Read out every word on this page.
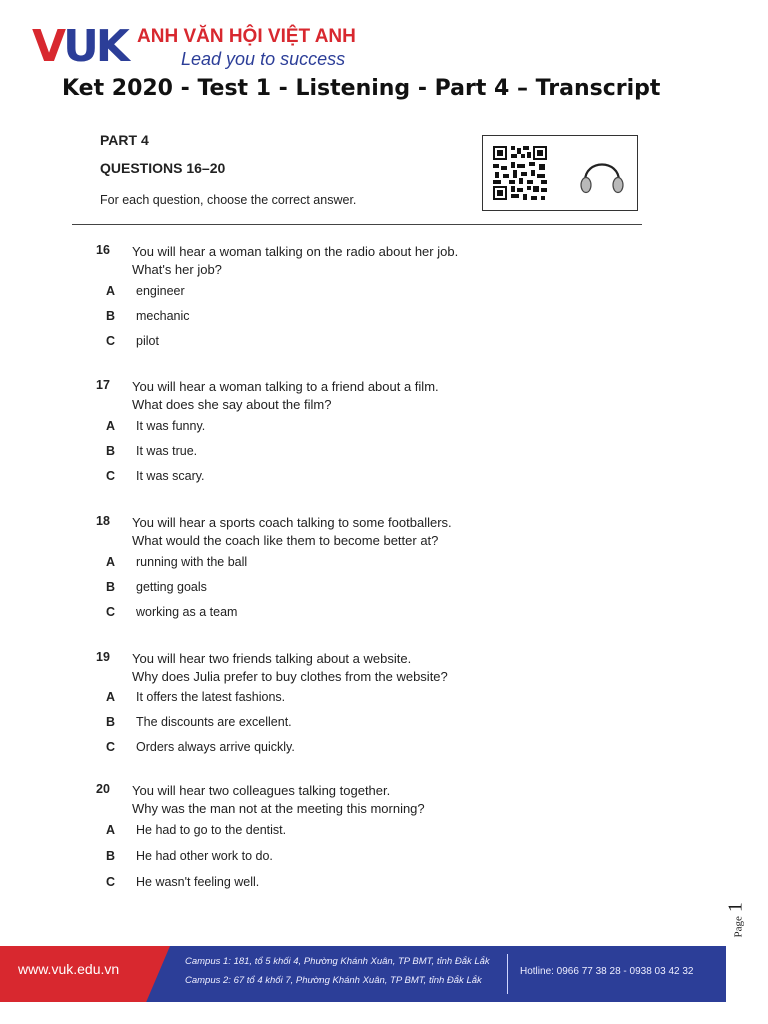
VUK ANH VĂN HỘI VIỆT ANH
Lead you to success
Ket 2020 - Test 1 - Listening - Part 4 – Transcript
PART 4
QUESTIONS 16–20
For each question, choose the correct answer.
16 You will hear a woman talking on the radio about her job.
What's her job?
A engineer
B mechanic
C pilot
17 You will hear a woman talking to a friend about a film.
What does she say about the film?
A It was funny.
B It was true.
C It was scary.
18 You will hear a sports coach talking to some footballers.
What would the coach like them to become better at?
A running with the ball
B getting goals
C working as a team
19 You will hear two friends talking about a website.
Why does Julia prefer to buy clothes from the website?
A It offers the latest fashions.
B The discounts are excellent.
C Orders always arrive quickly.
20 You will hear two colleagues talking together.
Why was the man not at the meeting this morning?
A He had to go to the dentist.
B He had other work to do.
C He wasn't feeling well.
Page 1
www.vuk.edu.vn	Campus 1: 181, tổ 5 khối 4, Phường Khánh Xuân, TP BMT, tỉnh Đắk Lắk
Campus 2: 67 tổ 4 khối 7, Phường Khánh Xuân, TP BMT, tỉnh Đắk Lắk
Hotline: 0966 77 38 28 - 0938 03 42 32
